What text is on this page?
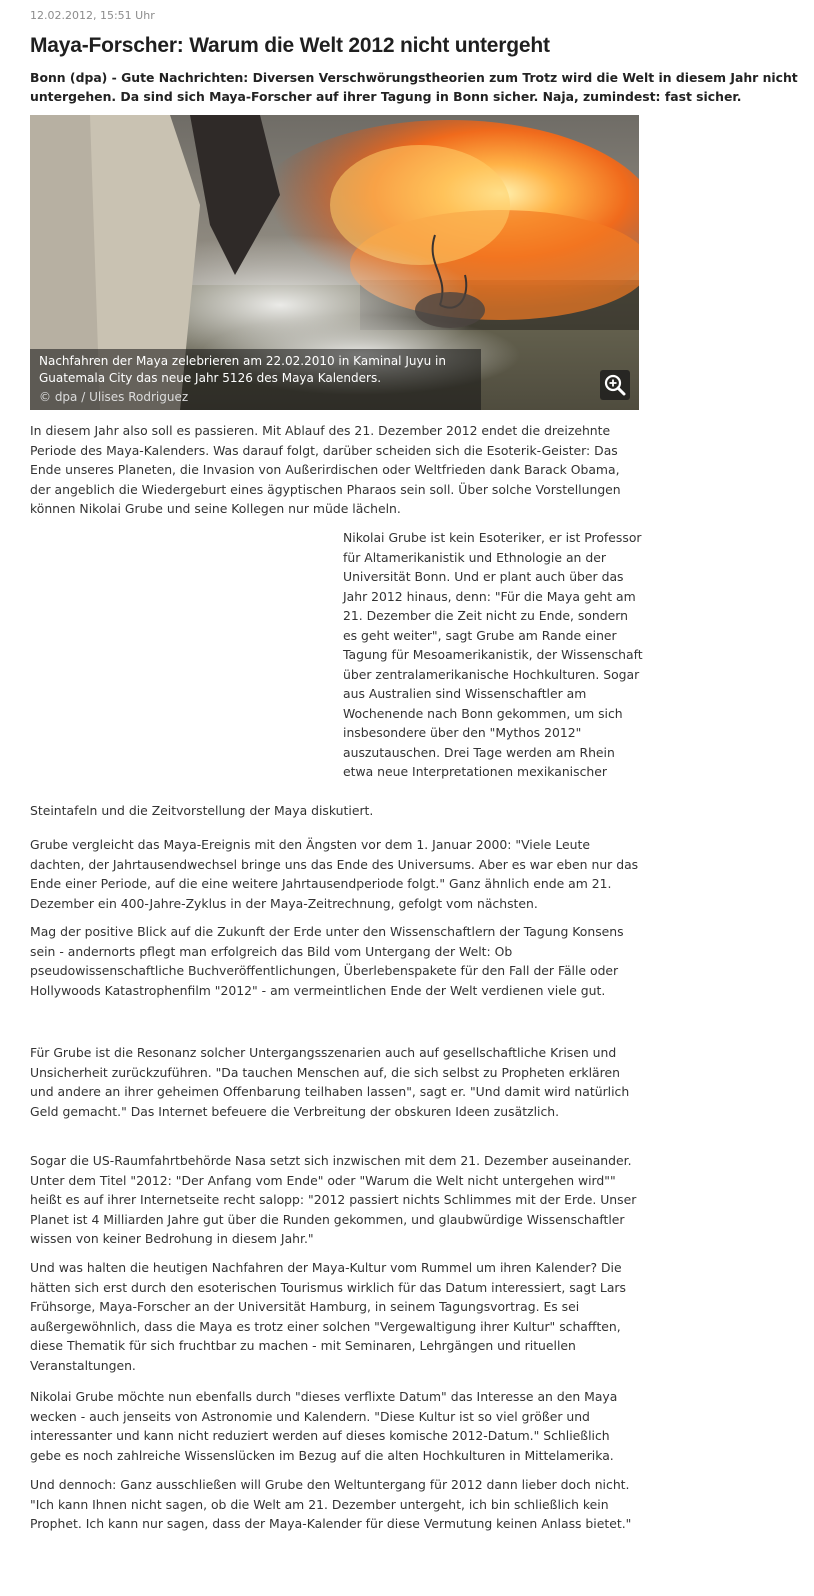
12.02.2012, 15:51 Uhr
Maya-Forscher: Warum die Welt 2012 nicht untergeht

Bonn (dpa) - Gute Nachrichten: Diversen Verschwörungstheorien zum Trotz wird die Welt in diesem Jahr nicht untergehen. Da sind sich Maya-Forscher auf ihrer Tagung in Bonn sicher. Naja, zumindest: fast sicher.

Nachfahren der Maya zelebrieren am 22.02.2010 in Kaminal Juyu in Guatemala City das neue Jahr 5126 des Maya Kalenders.
© dpa / Ulises Rodriguez

In diesem Jahr also soll es passieren. Mit Ablauf des 21. Dezember 2012 endet die dreizehnte Periode des Maya-Kalenders. Was darauf folgt, darüber scheiden sich die Esoterik-Geister: Das Ende unseres Planeten, die Invasion von Außerirdischen oder Weltfrieden dank Barack Obama, der angeblich die Wiedergeburt eines ägyptischen Pharaos sein soll. Über solche Vorstellungen können Nikolai Grube und seine Kollegen nur müde lächeln.

Nikolai Grube ist kein Esoteriker, er ist Professor für Altamerikanistik und Ethnologie an der Universität Bonn. Und er plant auch über das Jahr 2012 hinaus, denn: "Für die Maya geht am 21. Dezember die Zeit nicht zu Ende, sondern es geht weiter", sagt Grube am Rande einer Tagung für Mesoamerikanistik, der Wissenschaft über zentralamerikanische Hochkulturen. Sogar aus Australien sind Wissenschaftler am Wochenende nach Bonn gekommen, um sich insbesondere über den "Mythos 2012" auszutauschen. Drei Tage werden am Rhein etwa neue Interpretationen mexikanischer

Steintafeln und die Zeitvorstellung der Maya diskutiert.

Grube vergleicht das Maya-Ereignis mit den Ängsten vor dem 1. Januar 2000: "Viele Leute dachten, der Jahrtausendwechsel bringe uns das Ende des Universums. Aber es war eben nur das Ende einer Periode, auf die eine weitere Jahrtausendperiode folgt." Ganz ähnlich ende am 21. Dezember ein 400-Jahre-Zyklus in der Maya-Zeitrechnung, gefolgt vom nächsten.

Mag der positive Blick auf die Zukunft der Erde unter den Wissenschaftlern der Tagung Konsens sein - andernorts pflegt man erfolgreich das Bild vom Untergang der Welt: Ob pseudowissenschaftliche Buchveröffentlichungen, Überlebenspakete für den Fall der Fälle oder Hollywoods Katastrophenfilm "2012" - am vermeintlichen Ende der Welt verdienen viele gut.

Für Grube ist die Resonanz solcher Untergangsszenarien auch auf gesellschaftliche Krisen und Unsicherheit zurückzuführen. "Da tauchen Menschen auf, die sich selbst zu Propheten erklären und andere an ihrer geheimen Offenbarung teilhaben lassen", sagt er. "Und damit wird natürlich Geld gemacht." Das Internet befeuere die Verbreitung der obskuren Ideen zusätzlich.

Sogar die US-Raumfahrtbehörde Nasa setzt sich inzwischen mit dem 21. Dezember auseinander. Unter dem Titel "2012: "Der Anfang vom Ende" oder "Warum die Welt nicht untergehen wird"" heißt es auf ihrer Internetseite recht salopp: "2012 passiert nichts Schlimmes mit der Erde. Unser Planet ist 4 Milliarden Jahre gut über die Runden gekommen, und glaubwürdige Wissenschaftler wissen von keiner Bedrohung in diesem Jahr."

Und was halten die heutigen Nachfahren der Maya-Kultur vom Rummel um ihren Kalender? Die hätten sich erst durch den esoterischen Tourismus wirklich für das Datum interessiert, sagt Lars Frühsorge, Maya-Forscher an der Universität Hamburg, in seinem Tagungsvortrag. Es sei außergewöhnlich, dass die Maya es trotz einer solchen "Vergewaltigung ihrer Kultur" schafften, diese Thematik für sich fruchtbar zu machen - mit Seminaren, Lehrgängen und rituellen Veranstaltungen.

Nikolai Grube möchte nun ebenfalls durch "dieses verflixte Datum" das Interesse an den Maya wecken - auch jenseits von Astronomie und Kalendern. "Diese Kultur ist so viel größer und interessanter und kann nicht reduziert werden auf dieses komische 2012-Datum." Schließlich gebe es noch zahlreiche Wissenslücken im Bezug auf die alten Hochkulturen in Mittelamerika.

Und dennoch: Ganz ausschließen will Grube den Weltuntergang für 2012 dann lieber doch nicht. "Ich kann Ihnen nicht sagen, ob die Welt am 21. Dezember untergeht, ich bin schließlich kein Prophet. Ich kann nur sagen, dass der Maya-Kalender für diese Vermutung keinen Anlass bietet."
